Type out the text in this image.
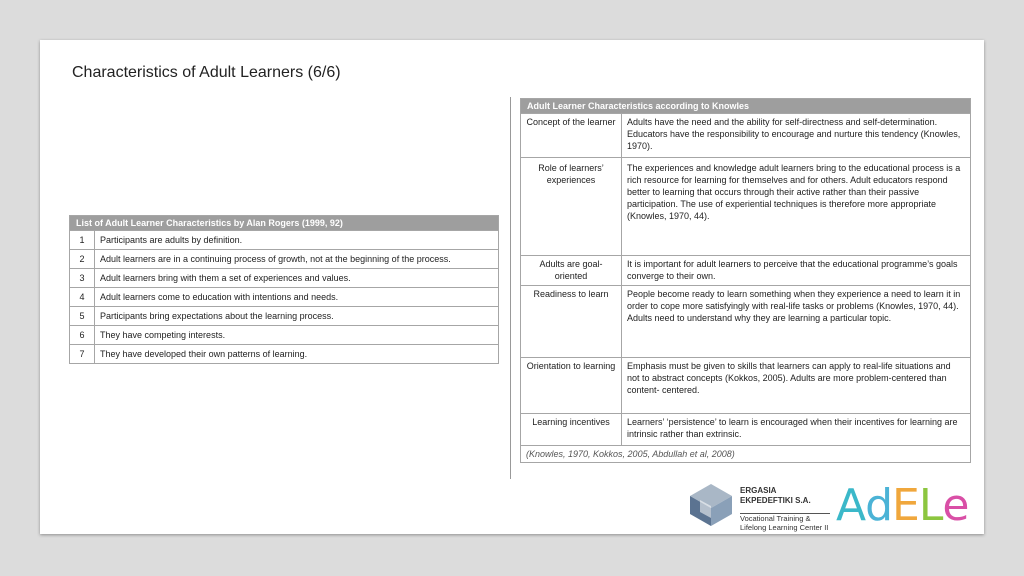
Characteristics of Adult Learners (6/6)
List of Adult Learner Characteristics by Alan Rogers (1999, 92)	
1	Participants are adults by definition.
2	Adult learners are in a continuing process of growth, not at the beginning of the process.
3	Adult learners bring with them a set of experiences and values.
4	Adult learners come to education with intentions and needs.
5	Participants bring expectations about the learning process.
6	They have competing interests.
7	They have developed their own patterns of learning.
Adult Learner Characteristics according to Knowles	
Concept of the learner	Adults have the need and the ability for self-directness and self-determination. Educators have the responsibility to encourage and nurture this tendency (Knowles, 1970).
Role of learners’ experiences	The experiences and knowledge adult learners bring to the educational process is a rich resource for learning for themselves and for others. Adult educators respond better to learning that occurs through their active rather than their passive participation. The use of experiential techniques is therefore more appropriate (Knowles, 1970, 44).
Adults are goal-oriented	It is important for adult learners to perceive that the educational programme’s goals converge to their own.
Readiness to learn	People become ready to learn something when they experience a need to learn it in order to cope more satisfyingly with real-life tasks or problems (Knowles, 1970, 44). Adults need to understand why they are learning a particular topic.
Orientation to learning	Emphasis must be given to skills that learners can apply to real-life situations and not to abstract concepts (Kokkos, 2005). Adults are more problem-centered than content- centered.
Learning incentives	Learners’ ‘persistence’ to learn is encouraged when their incentives for learning are intrinsic rather than extrinsic.
(Knowles, 1970, Kokkos, 2005, Abdullah et al, 2008)	
ERGASIA
EKPEDEFTIKI S.A.
Vocational Training &
Lifelong Learning Center II AdELe
